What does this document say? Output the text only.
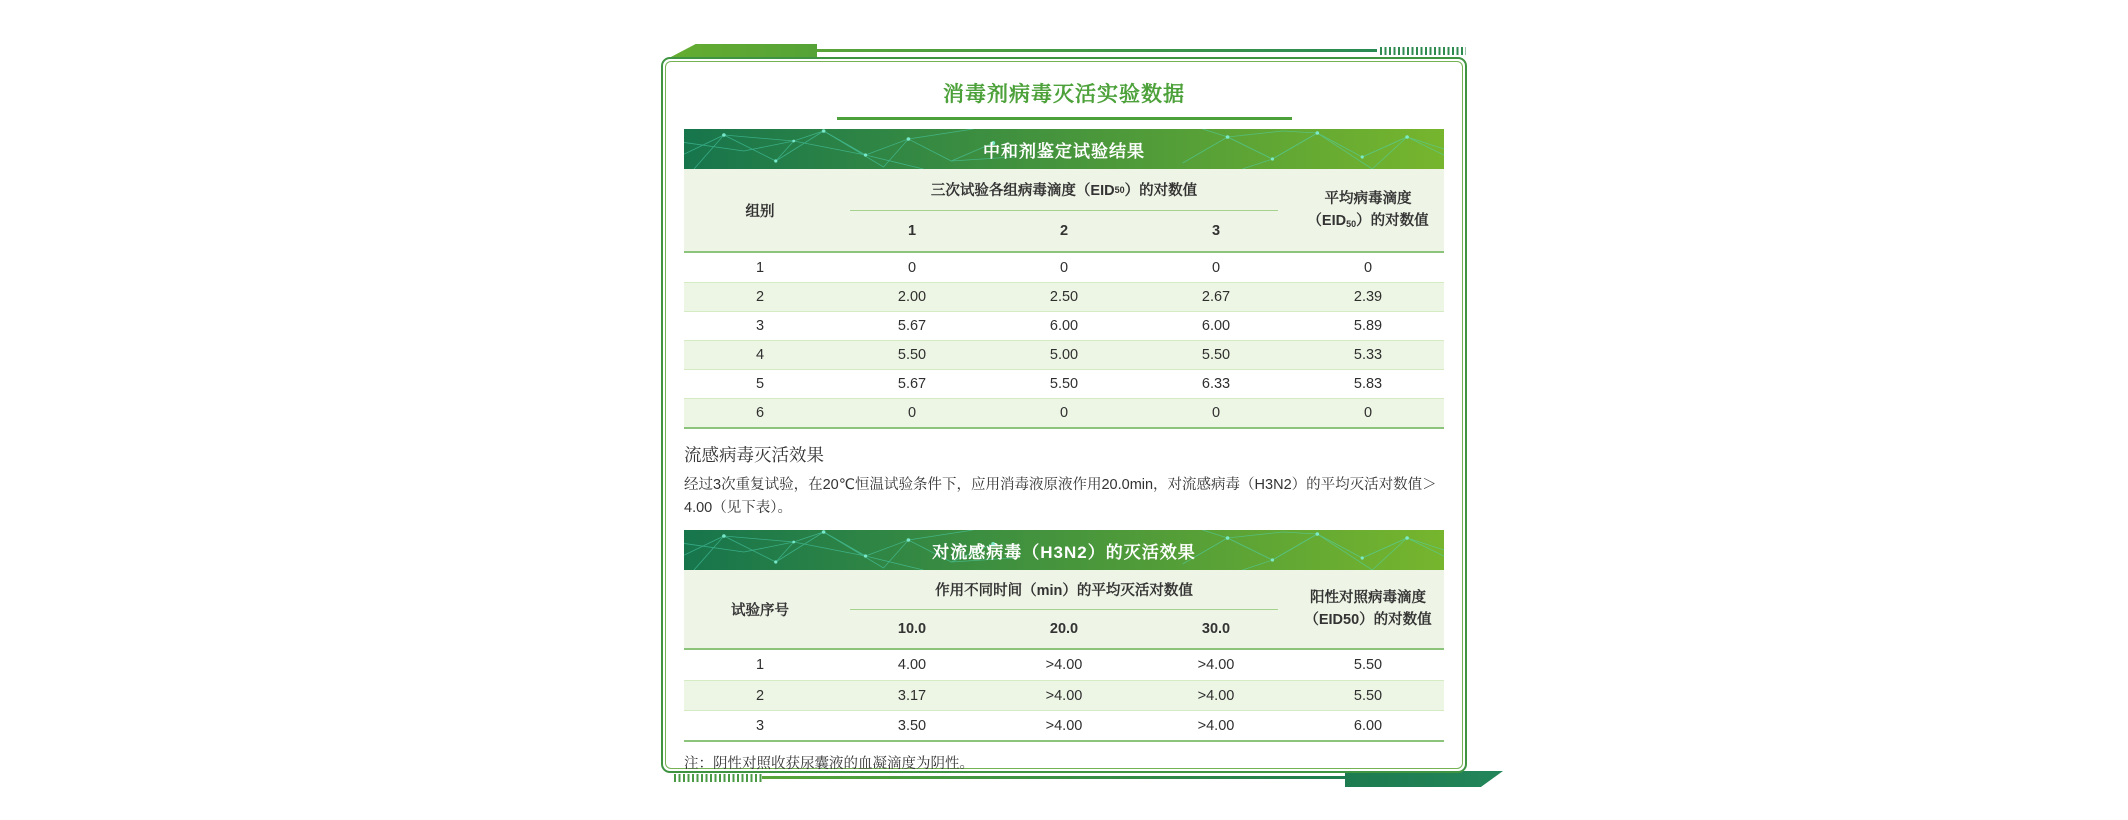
消毒剂病毒灭活实验数据
中和剂鉴定试验结果
组别
三次试验各组病毒滴度（EID 50 ）的对数值
1	2	3
平均病毒滴度
$(EID_{50})$的对数值
1	0	0	0	0
2	2.00	2.50	2.67	2.39
3	5.67	6.00	6.00	5.89
4	5.50	5.00	5.50	5.33
5	5.67	5.50	6.33	5.83
6	0	0	0	0
流感病毒灭活效果
经过3次重复试验，在20℃恒温试验条件下，应用消毒液原液作用20.0min，对流感病毒（H3N2）的平均灭活对数值＞4.00（见下表）。
对流感病毒（H3N2）的灭活效果
试验序号
作用不同时间（min）的平均灭活对数值
10.0	20.0	30.0
阳性对照病毒滴度
（EID50）的对数值
1	4.00	>4.00	>4.00	5.50
2	3.17	>4.00	>4.00	5.50
3	3.50	>4.00	>4.00	6.00
注：阴性对照收获尿囊液的血凝滴度为阴性。
